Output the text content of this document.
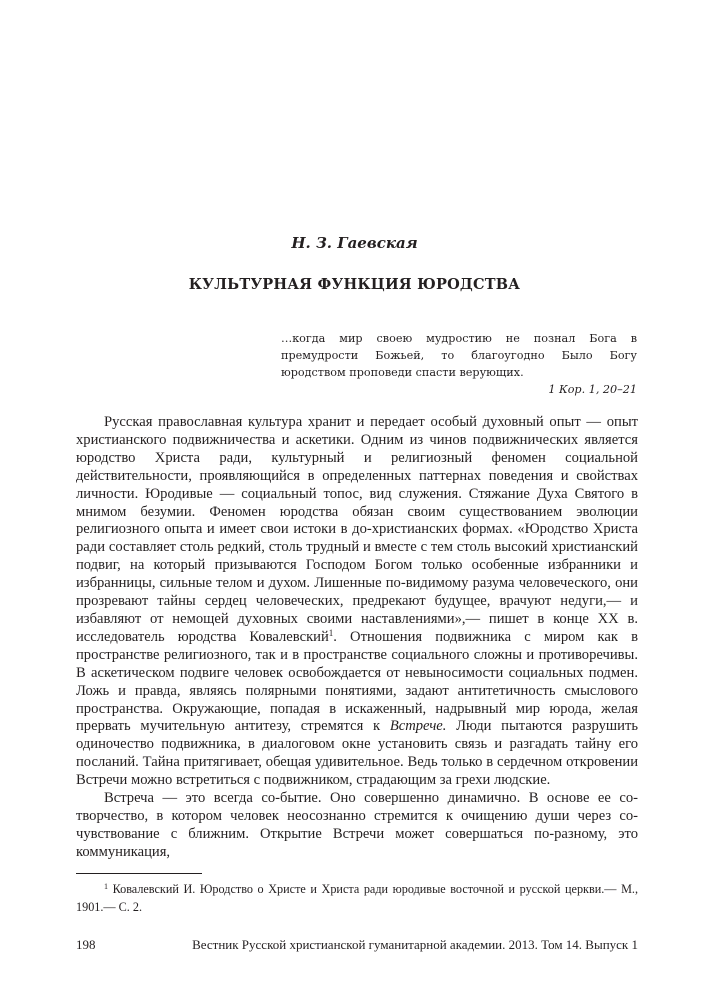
Н. З. Гаевская
КУЛЬТУРНАЯ ФУНКЦИЯ ЮРОДСТВА
…когда мир своею мудростию не познал Бога в премудрости Божьей, то благоугодно Было Богу юродством проповеди спасти верующих.
1 Кор. 1, 20–21

Русская православная культура хранит и передает особый духовный опыт — опыт христианского подвижничества и аскетики. Одним из чинов подвижнических является юродство Христа ради, культурный и религиозный феномен социальной действительности, проявляющийся в определенных паттернах поведения и свойствах личности. Юродивые — социальный топос, вид служения. Стяжание Духа Святого в мнимом безумии. Феномен юродства обязан своим существованием эволюции религиозного опыта и имеет свои истоки в до-христианских формах. «Юродство Христа ради составляет столь редкий, столь трудный и вместе с тем столь высокий христианский подвиг, на который призываются Господом Богом только особенные избранники и избранницы, сильные телом и духом. Лишенные по-видимому разума человеческого, они прозревают тайны сердец человеческих, предрекают будущее, врачуют недуги,— и избавляют от немощей духовных своими наставлениями»,— пишет в конце XX в. исследователь юродства Ковалевский$^1$. Отношения подвижника с миром как в пространстве религиозного, так и в пространстве социального сложны и противоречивы. В аскетическом подвиге человек освобождается от невыносимости социальных подмен. Ложь и правда, являясь полярными понятиями, задают антитетичность смыслового пространства. Окружающие, попадая в искаженный, надрывный мир юрода, желая прервать мучительную антитезу, стремятся к Встрече. Люди пытаются разрушить одиночество подвижника, в диалоговом окне установить связь и разгадать тайну его посланий. Тайна притягивает, обещая удивительное. Ведь только в сердечном откровении Встречи можно встретиться с подвижником, страдающим за грехи людские.

Встреча — это всегда со-бытие. Оно совершенно динамично. В основе ее со-творчество, в котором человек неосознанно стремится к очищению души через со-чувствование с ближним. Открытие Встречи может совершаться по-разному, это коммуникация,

$^1$ Ковалевский И. Юродство о Христе и Христа ради юродивые восточной и русской церкви.— М., 1901.— С. 2.

198	Вестник Русской христианской гуманитарной академии. 2013. Том 14. Выпуск 1
